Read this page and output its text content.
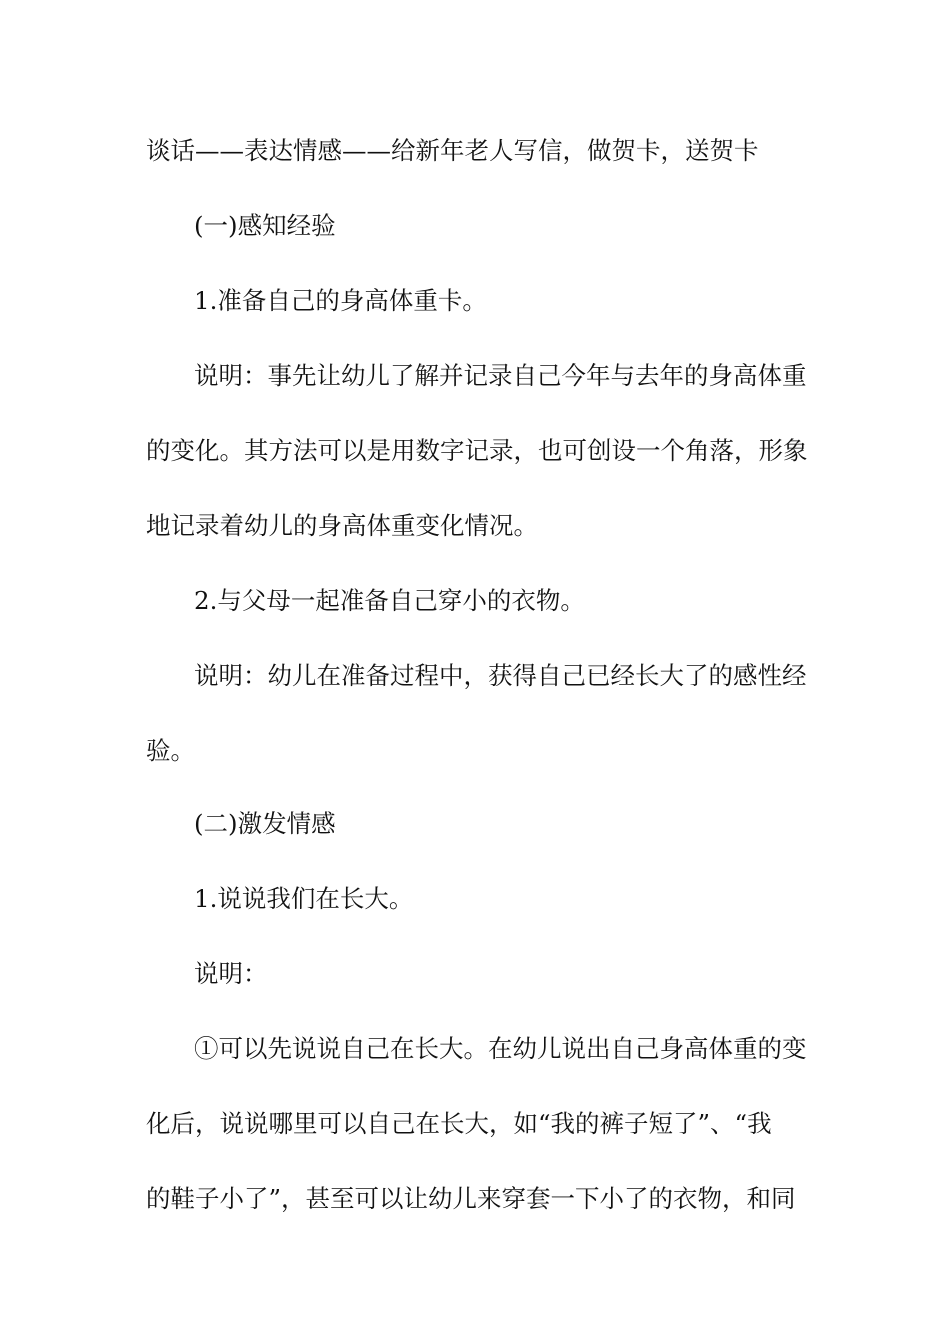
谈话——表达情感——给新年老人写信，做贺卡，送贺卡
(一)感知经验
1.准备自己的身高体重卡。
说明：事先让幼儿了解并记录自己今年与去年的身高体重
的变化。其方法可以是用数字记录，也可创设一个角落，形象
地记录着幼儿的身高体重变化情况。
2.与父母一起准备自己穿小的衣物。
说明：幼儿在准备过程中，获得自己已经长大了的感性经
验。
(二)激发情感
1.说说我们在长大。
说明：
①可以先说说自己在长大。在幼儿说出自己身高体重的变
化后，说说哪里可以自己在长大，如“我的裤子短了”、“我
的鞋子小了”，甚至可以让幼儿来穿套一下小了的衣物，和同
